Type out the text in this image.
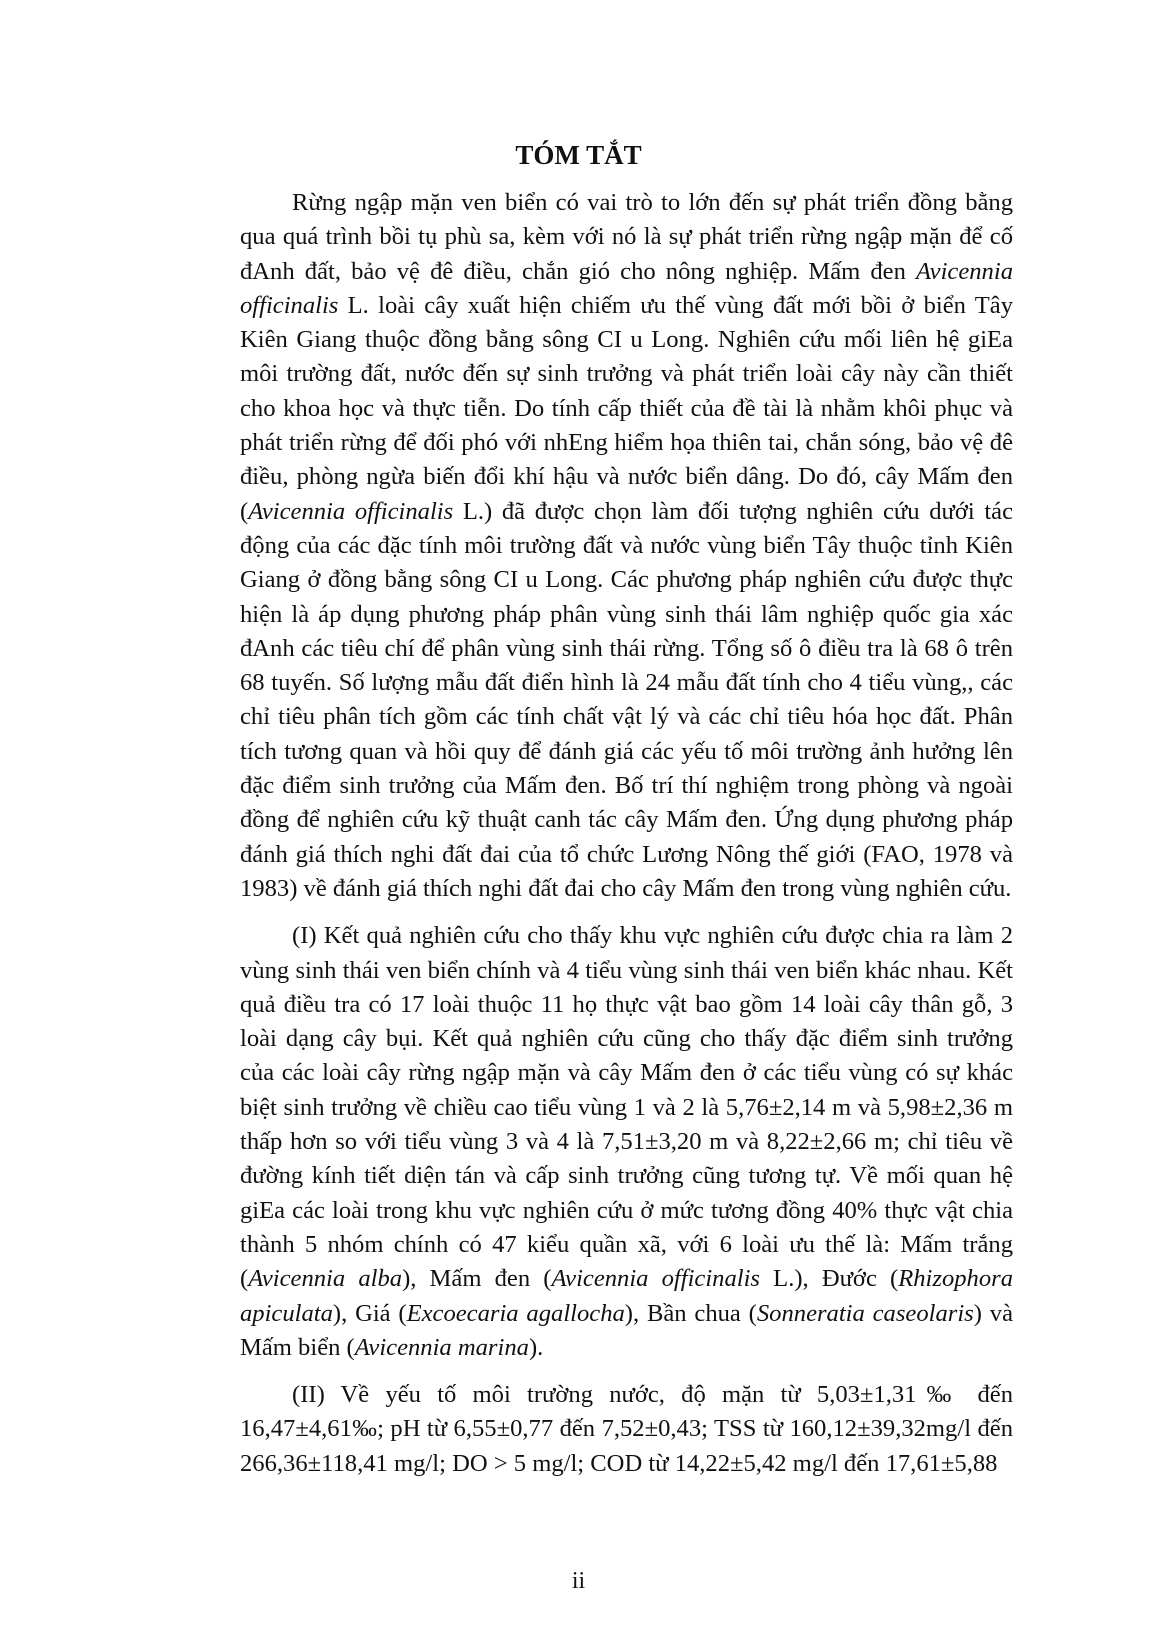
TÓM TẮT

Rừng ngập mặn ven biển có vai trò to lớn đến sự phát triển đồng bằng qua quá trình bồi tụ phù sa, kèm với nó là sự phát triển rừng ngập mặn để cố đAnh đất, bảo vệ đê điều, chắn gió cho nông nghiệp. Mấm đen Avicennia officinalis L. loài cây xuất hiện chiếm ưu thế vùng đất mới bồi ở biển Tây Kiên Giang thuộc đồng bằng sông CI u Long. Nghiên cứu mối liên hệ giEa môi trường đất, nước đến sự sinh trưởng và phát triển loài cây này cần thiết cho khoa học và thực tiễn. Do tính cấp thiết của đề tài là nhằm khôi phục và phát triển rừng để đối phó với nhEng hiểm họa thiên tai, chắn sóng, bảo vệ đê điều, phòng ngừa biến đổi khí hậu và nước biển dâng. Do đó, cây Mấm đen (Avicennia officinalis L.) đã được chọn làm đối tượng nghiên cứu dưới tác động của các đặc tính môi trường đất và nước vùng biển Tây thuộc tỉnh Kiên Giang ở đồng bằng sông CI u Long. Các phương pháp nghiên cứu được thực hiện là áp dụng phương pháp phân vùng sinh thái lâm nghiệp quốc gia xác đAnh các tiêu chí để phân vùng sinh thái rừng. Tổng số ô điều tra là 68 ô trên 68 tuyến. Số lượng mẫu đất điển hình là 24 mẫu đất tính cho 4 tiểu vùng,, các chỉ tiêu phân tích gồm các tính chất vật lý và các chỉ tiêu hóa học đất. Phân tích tương quan và hồi quy để đánh giá các yếu tố môi trường ảnh hưởng lên đặc điểm sinh trưởng của Mấm đen. Bố trí thí nghiệm trong phòng và ngoài đồng để nghiên cứu kỹ thuật canh tác cây Mấm đen. Ứng dụng phương pháp đánh giá thích nghi đất đai của tổ chức Lương Nông thế giới (FAO, 1978 và 1983) về đánh giá thích nghi đất đai cho cây Mấm đen trong vùng nghiên cứu.

(I) Kết quả nghiên cứu cho thấy khu vực nghiên cứu được chia ra làm 2 vùng sinh thái ven biển chính và 4 tiểu vùng sinh thái ven biển khác nhau. Kết quả điều tra có 17 loài thuộc 11 họ thực vật bao gồm 14 loài cây thân gỗ, 3 loài dạng cây bụi. Kết quả nghiên cứu cũng cho thấy đặc điểm sinh trưởng của các loài cây rừng ngập mặn và cây Mấm đen ở các tiểu vùng có sự khác biệt sinh trưởng về chiều cao tiểu vùng 1 và 2 là 5,76±2,14 m và 5,98±2,36 m thấp hơn so với tiểu vùng 3 và 4 là 7,51±3,20 m và 8,22±2,66 m; chỉ tiêu về đường kính tiết diện tán và cấp sinh trưởng cũng tương tự. Về mối quan hệ giEa các loài trong khu vực nghiên cứu ở mức tương đồng 40% thực vật chia thành 5 nhóm chính có 47 kiểu quần xã, với 6 loài ưu thế là: Mấm trắng (Avicennia alba), Mấm đen (Avicennia officinalis L.), Đước (Rhizophora apiculata), Giá (Excoecaria agallocha), Bần chua (Sonneratia caseolaris) và Mấm biển (Avicennia marina).

(II) Về yếu tố môi trường nước, độ mặn từ 5,03±1,31‰ đến 16,47±4,61‰; pH từ 6,55±0,77 đến 7,52±0,43; TSS từ 160,12±39,32mg/l đến 266,36±118,41 mg/l; DO > 5 mg/l; COD từ 14,22±5,42 mg/l đến 17,61±5,88

ii
